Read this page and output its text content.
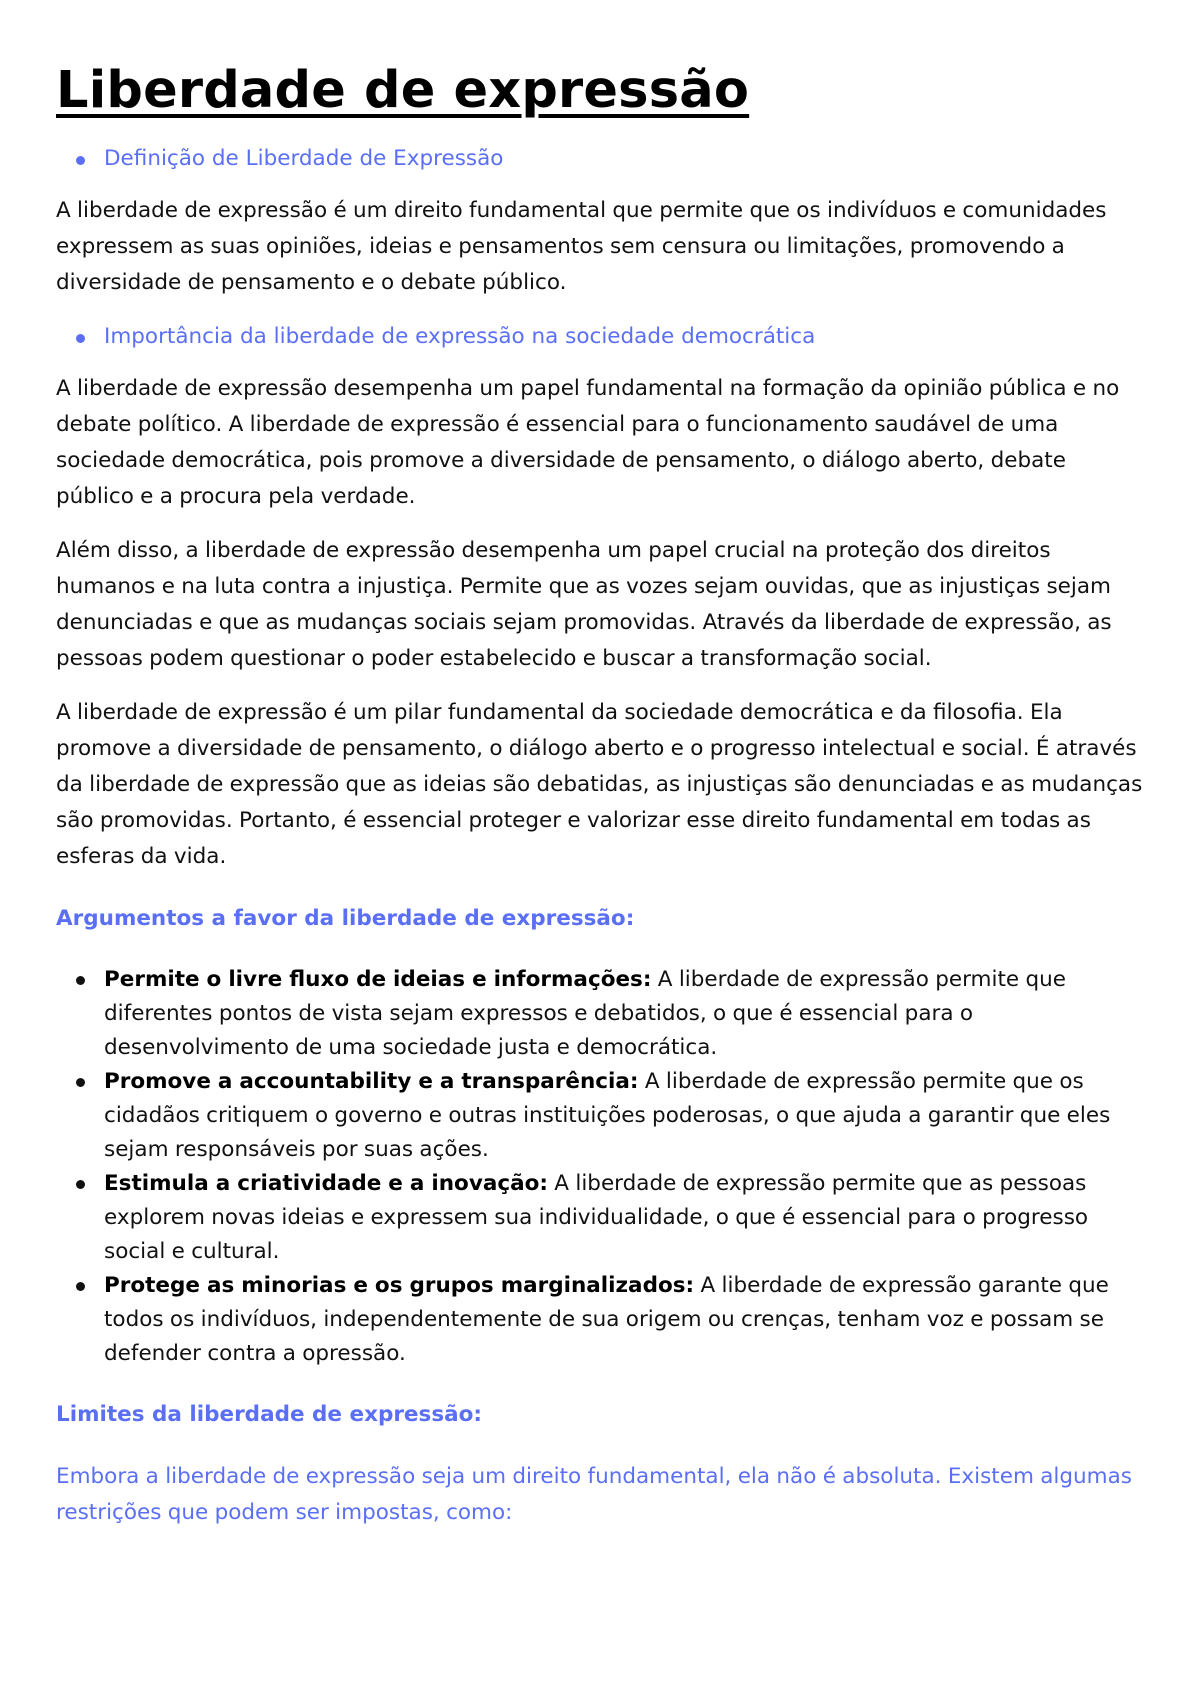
Liberdade de expressão
Definição de Liberdade de Expressão

A liberdade de expressão é um direito fundamental que permite que os indivíduos e comunidades expressem as suas opiniões, ideias e pensamentos sem censura ou limitações, promovendo a diversidade de pensamento e o debate público.

Importância da liberdade de expressão na sociedade democrática

A liberdade de expressão desempenha um papel fundamental na formação da opinião pública e no debate político. A liberdade de expressão é essencial para o funcionamento saudável de uma sociedade democrática, pois promove a diversidade de pensamento, o diálogo aberto, debate público e a procura pela verdade.

Além disso, a liberdade de expressão desempenha um papel crucial na proteção dos direitos humanos e na luta contra a injustiça. Permite que as vozes sejam ouvidas, que as injustiças sejam denunciadas e que as mudanças sociais sejam promovidas. Através da liberdade de expressão, as pessoas podem questionar o poder estabelecido e buscar a transformação social.

A liberdade de expressão é um pilar fundamental da sociedade democrática e da filosofia. Ela promove a diversidade de pensamento, o diálogo aberto e o progresso intelectual e social. É através da liberdade de expressão que as ideias são debatidas, as injustiças são denunciadas e as mudanças são promovidas. Portanto, é essencial proteger e valorizar esse direito fundamental em todas as esferas da vida.

Argumentos a favor da liberdade de expressão:
Permite o livre fluxo de ideias e informações: A liberdade de expressão permite que diferentes pontos de vista sejam expressos e debatidos, o que é essencial para o desenvolvimento de uma sociedade justa e democrática.
Promove a accountability e a transparência: A liberdade de expressão permite que os cidadãos critiquem o governo e outras instituições poderosas, o que ajuda a garantir que eles sejam responsáveis por suas ações.
Estimula a criatividade e a inovação: A liberdade de expressão permite que as pessoas explorem novas ideias e expressem sua individualidade, o que é essencial para o progresso social e cultural.
Protege as minorias e os grupos marginalizados: A liberdade de expressão garante que todos os indivíduos, independentemente de sua origem ou crenças, tenham voz e possam se defender contra a opressão.
Limites da liberdade de expressão:

Embora a liberdade de expressão seja um direito fundamental, ela não é absoluta. Existem algumas restrições que podem ser impostas, como:
